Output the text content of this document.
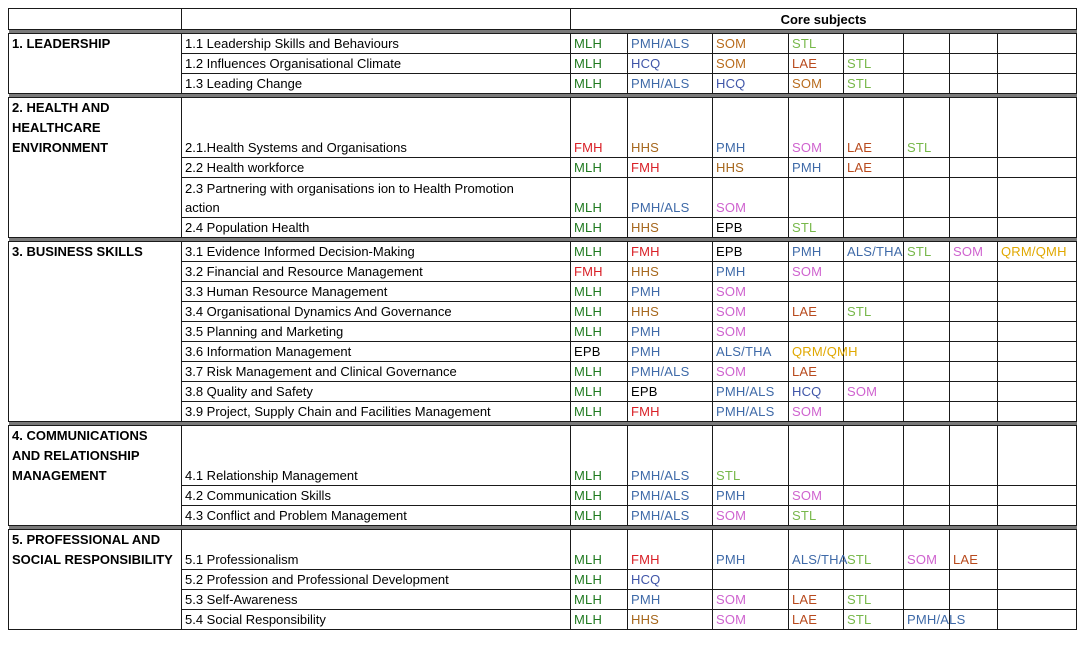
		Core subjects							

1. LEADERSHIP	1.1 Leadership Skills and Behaviours	MLH	PMH/ALS	SOM	STL				

	1.2 Influences Organisational Climate	MLH	HCQ	SOM	LAE	STL			

	1.3 Leading Change	MLH	PMH/ALS	HCQ	SOM	STL			

2. HEALTH AND HEALTHCARE ENVIRONMENT	2.1.Health Systems and Organisations	FMH	HHS	PMH	SOM	LAE	STL		

	2.2 Health workforce	MLH	FMH	HHS	PMH	LAE			

	2.3 Partnering with organisations ion to Health Promotion
action	MLH	PMH/ALS	SOM					

	2.4 Population Health	MLH	HHS	EPB	STL				

3. BUSINESS SKILLS	3.1 Evidence Informed Decision-Making	MLH	FMH	EPB	PMH	ALS/THA	STL	SOM	QRM/QMH

	3.2 Financial and Resource Management	FMH	HHS	PMH	SOM				

	3.3 Human Resource Management	MLH	PMH	SOM					

	3.4 Organisational Dynamics And Governance	MLH	HHS	SOM	LAE	STL			

	3.5 Planning and Marketing	MLH	PMH	SOM					

	3.6 Information Management	EPB	PMH	ALS/THA	QRM/QMH				

	3.7 Risk Management and Clinical Governance	MLH	PMH/ALS	SOM	LAE				

	3.8 Quality and Safety	MLH	EPB	PMH/ALS	HCQ	SOM			

	3.9 Project, Supply Chain and Facilities Management	MLH	FMH	PMH/ALS	SOM				

4. COMMUNICATIONS AND RELATIONSHIP MANAGEMENT	4.1 Relationship Management	MLH	PMH/ALS	STL					

	4.2 Communication Skills	MLH	PMH/ALS	PMH	SOM				

	4.3 Conflict and Problem Management	MLH	PMH/ALS	SOM	STL				

5. PROFESSIONAL AND SOCIAL RESPONSIBILITY	5.1 Professionalism	MLH	FMH	PMH	ALS/THA	STL	SOM	LAE	

	5.2 Profession and Professional Development	MLH	HCQ						

	5.3 Self-Awareness	MLH	PMH	SOM	LAE	STL			

	5.4 Social Responsibility	MLH	HHS	SOM	LAE	STL	PMH/ALS		
